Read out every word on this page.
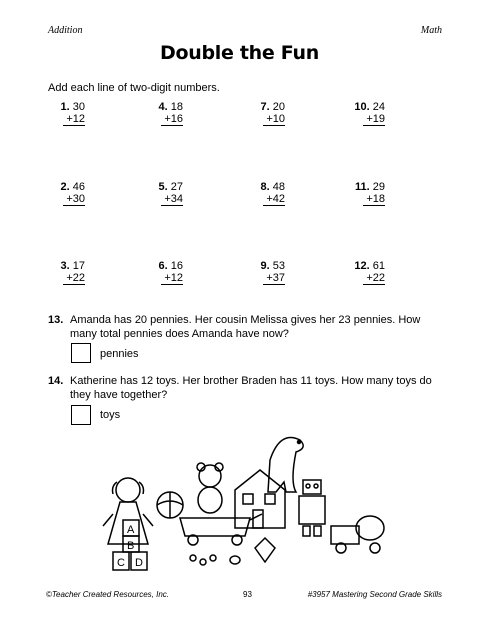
Addition	Math
Double the Fun
Add each line of two-digit numbers.
1. 30
+12
4. 18
+16
7. 20
+10
10. 24
+19
2. 46
+30
5. 27
+34
8. 48
+42
11. 29
+18
3. 17
+22
6. 16
+12
9. 53
+37
12. 61
+22
13. Amanda has 20 pennies. Her cousin Melissa gives her 23 pennies. How many total pennies does Amanda have now?
pennies
14. Katherine has 12 toys. Her brother Braden has 11 toys. How many toys do they have together?
toys
A
B
C D
©Teacher Created Resources, Inc.	93	#3957 Mastering Second Grade Skills
